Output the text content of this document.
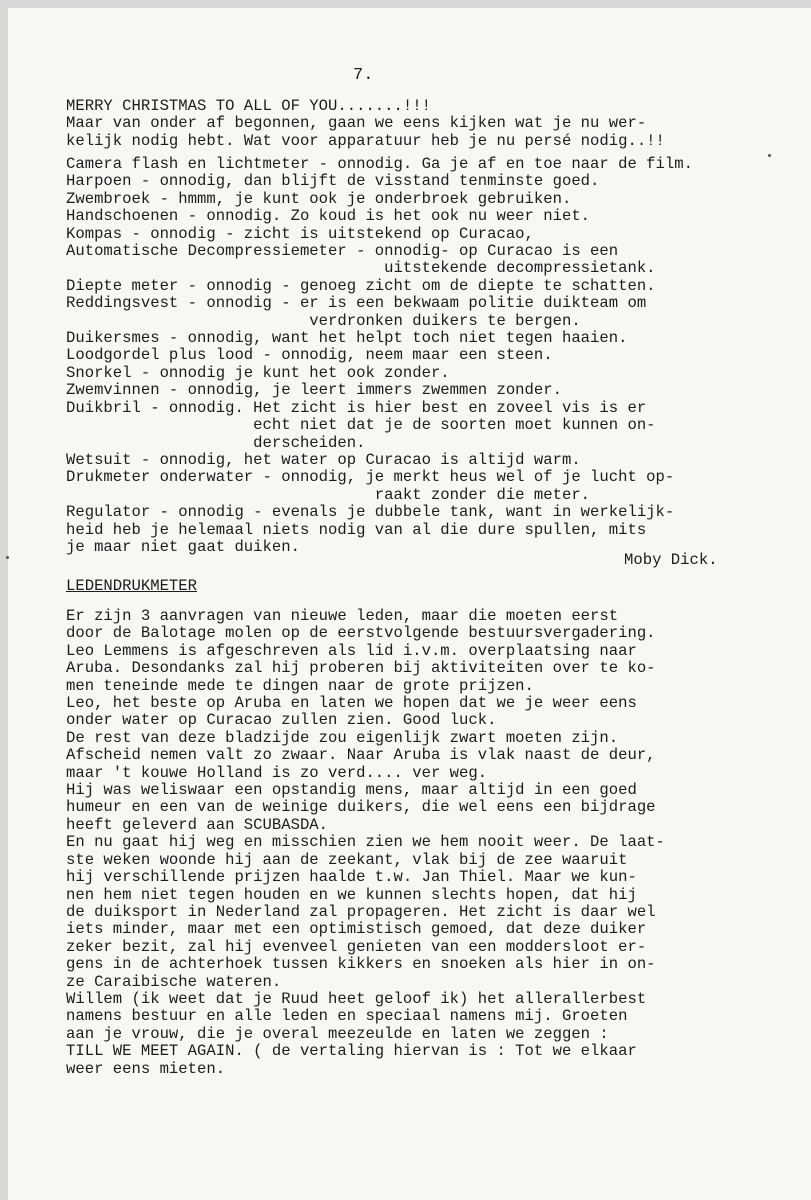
7.

MERRY CHRISTMAS TO ALL OF YOU.......!!!
Maar van onder af begonnen, gaan we eens kijken wat je nu wer-
kelijk nodig hebt. Wat voor apparatuur heb je nu persé nodig..!!
Camera flash en lichtmeter - onnodig. Ga je af en toe naar de film.
Harpoen - onnodig, dan blijft de visstand tenminste goed.
Zwembroek - hmmm, je kunt ook je onderbroek gebruiken.
Handschoenen - onnodig. Zo koud is het ook nu weer niet.
Kompas - onnodig - zicht is uitstekend op Curacao,
Automatische Decompressiemeter - onnodig- op Curacao is een
uitstekende decompressietank.
Diepte meter - onnodig - genoeg zicht om de diepte te schatten.
Reddingsvest - onnodig - er is een bekwaam politie duikteam om
verdronken duikers te bergen.
Duikersmes - onnodig, want het helpt toch niet tegen haaien.
Loodgordel plus lood - onnodig, neem maar een steen.
Snorkel - onnodig je kunt het ook zonder.
Zwemvinnen - onnodig, je leert immers zwemmen zonder.
Duikbril - onnodig. Het zicht is hier best en zoveel vis is er
echt niet dat je de soorten moet kunnen on-
derscheiden.
Wetsuit - onnodig, het water op Curacao is altijd warm.
Drukmeter onderwater - onnodig, je merkt heus wel of je lucht op-
raakt zonder die meter.
Regulator - onnodig - evenals je dubbele tank, want in werkelijk-
heid heb je helemaal niets nodig van al die dure spullen, mits
je maar niet gaat duiken.

Moby Dick.

LEDENDRUKMETER

Er zijn 3 aanvragen van nieuwe leden, maar die moeten eerst
door de Balotage molen op de eerstvolgende bestuursvergadering.
Leo Lemmens is afgeschreven als lid i.v.m. overplaatsing naar
Aruba. Desondanks zal hij proberen bij aktiviteiten over te ko-
men teneinde mede te dingen naar de grote prijzen.
Leo, het beste op Aruba en laten we hopen dat we je weer eens
onder water op Curacao zullen zien. Good luck.
De rest van deze bladzijde zou eigenlijk zwart moeten zijn.
Afscheid nemen valt zo zwaar. Naar Aruba is vlak naast de deur,
maar 't kouwe Holland is zo verd.... ver weg.
Hij was weliswaar een opstandig mens, maar altijd in een goed
humeur en een van de weinige duikers, die wel eens een bijdrage
heeft geleverd aan SCUBASDA.
En nu gaat hij weg en misschien zien we hem nooit weer. De laat-
ste weken woonde hij aan de zeekant, vlak bij de zee waaruit
hij verschillende prijzen haalde t.w. Jan Thiel. Maar we kun-
nen hem niet tegen houden en we kunnen slechts hopen, dat hij
de duiksport in Nederland zal propageren. Het zicht is daar wel
iets minder, maar met een optimistisch gemoed, dat deze duiker
zeker bezit, zal hij evenveel genieten van een moddersloot er-
gens in de achterhoek tussen kikkers en snoeken als hier in on-
ze Caraibische wateren.
Willem (ik weet dat je Ruud heet geloof ik) het allerallerbest
namens bestuur en alle leden en speciaal namens mij. Groeten
aan je vrouw, die je overal meezeulde en laten we zeggen :
TILL WE MEET AGAIN. ( de vertaling hiervan is : Tot we elkaar
weer eens mieten.
